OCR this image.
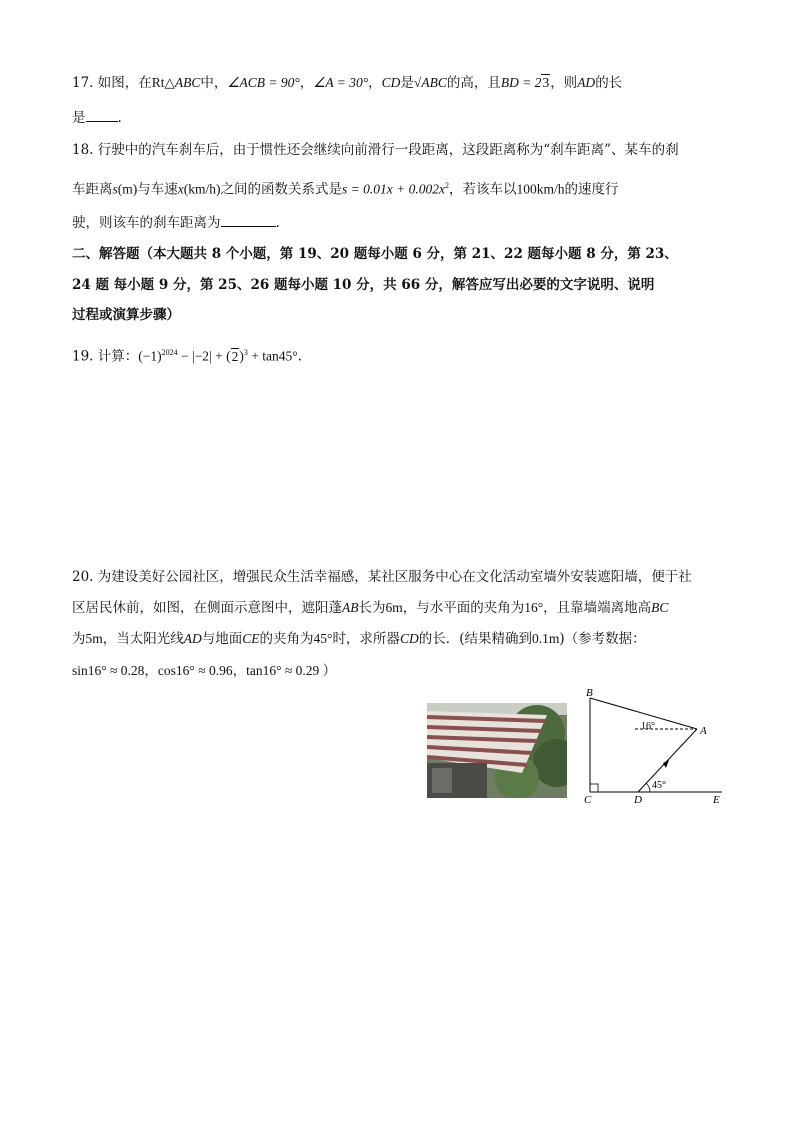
17. 如图，在Rt△ABC中，∠ACB = 90°，∠A = 30°，CD是√ABC的高，且BD = 23，则AD的长
是 .
18. 行驶中的汽车刹车后，由于惯性还会继续向前滑行一段距离，这段距离称为“刹车距离”、某车的刹
车距离s(m)与车速x(km/h)之间的函数关系式是$s = 0.01x + 0.002x^2$，若该车以100km/h的速度行
驶，则该车的刹车距离为	.
二、解答题（本大题共 8 个小题，第 19、20 题每小题 6 分，第 21、22 题每小题 8 分，第 23、
24 题 每小题 9 分，第 25、26 题每小题 10 分，共 66 分，解答应写出必要的文字说明、说明
过程或演算步骤）
19. 计算：$(-1)^{2024} - |-2| + (2)^3 + \tan 45^\circ$.
20. 为建设美好公园社区，增强民众生活幸福感，某社区服务中心在文化活动室墙外安装遮阳墙，便于社
区居民休前，如图，在侧面示意图中，遮阳蓬AB长为6m，与水平面的夹角为16°，且靠墙端离地高BC
为5m，当太阳光线AD与地面CE的夹角为45°时，求所器CD的长．(结果精确到0.1m)（参考数据：
sin16° ≈ 0.28，cos16° ≈ 0.96，tan16° ≈ 0.29 ）
B
A
C	D	E
16°
45°
